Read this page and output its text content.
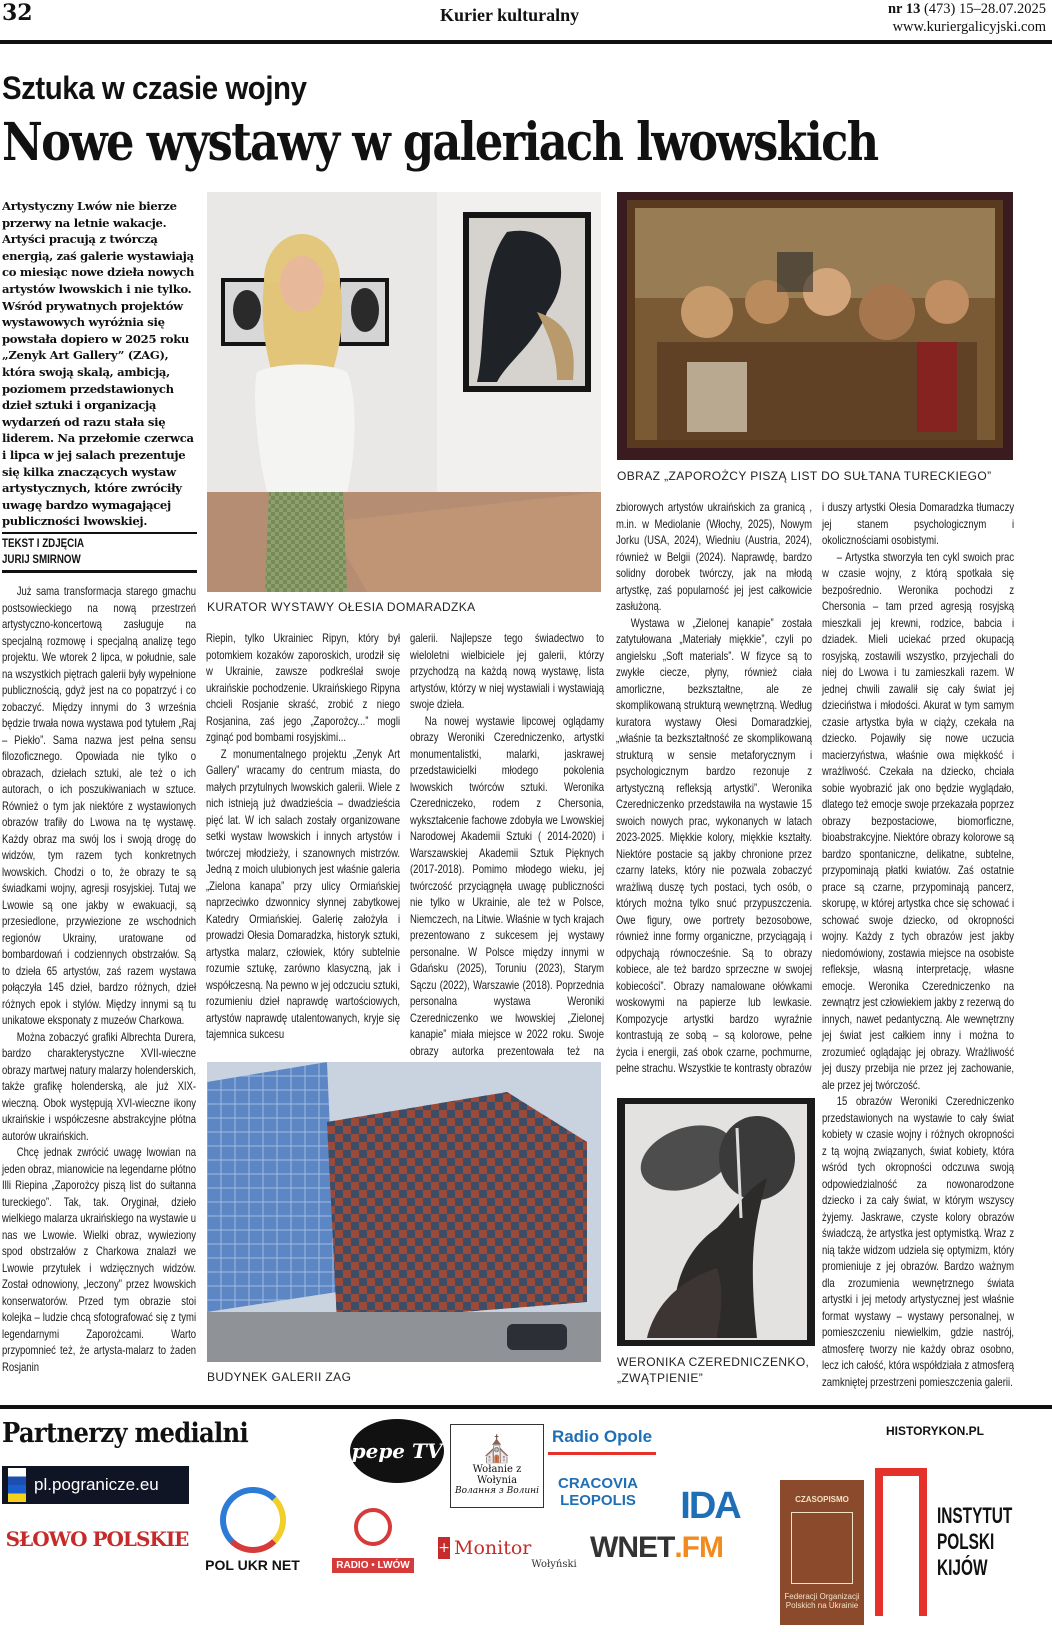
32	Kurier kulturalny	nr 13 (473) 15–28.07.2025
www.kuriergalicyjski.com
Sztuka w czasie wojny
Nowe wystawy w galeriach lwowskich
Artystyczny Lwów nie bierze przerwy na letnie wakacje. Artyści pracują z twórczą energią, zaś galerie wystawiają co miesiąc nowe dzieła nowych artystów lwowskich i nie tylko. Wśród prywatnych projektów wystawowych wyróżnia się powstała dopiero w 2025 roku „Zenyk Art Gallery” (ZAG), która swoją skalą, ambicją, poziomem przedstawionych dzieł sztuki i organizacją wydarzeń od razu stała się liderem. Na przełomie czerwca i lipca w jej salach prezentuje się kilka znaczących wystaw artystycznych, które zwróciły uwagę bardzo wymagającej publiczności lwowskiej.
TEKST I ZDJĘCIA
JURIJ SMIRNOW

Już sama transformacja starego gmachu postsowieckiego na nową przestrzeń artystyczno-koncertową zasługuje na specjalną rozmowę i specjalną analizę tego projektu. We wtorek 2 lipca, w południe, sale na wszystkich piętrach galerii były wypełnione publicznością, gdyż jest na co popatrzyć i co zobaczyć. Między innymi do 3 września będzie trwała nowa wystawa pod tytułem „Raj – Piekło”. Sama nazwa jest pełna sensu filozoficznego. Opowiada nie tylko o obrazach, dziełach sztuki, ale też o ich autorach, o ich poszukiwaniach w sztuce. Również o tym jak niektóre z wystawionych obrazów trafiły do Lwowa na tę wystawę. Każdy obraz ma swój los i swoją drogę do widzów, tym razem tych konkretnych lwowskich. Chodzi o to, że obrazy te są świadkami wojny, agresji rosyjskiej. Tutaj we Lwowie są one jakby w ewakuacji, są przesiedlone, przywiezione ze wschodnich regionów Ukrainy, uratowane od bombardowań i codziennych obstrzałów. Są to dzieła 65 artystów, zaś razem wystawa połączyła 145 dzieł, bardzo różnych, dzieł różnych epok i stylów. Między innymi są tu unikatowe eksponaty z muzeów Charkowa.

Można zobaczyć grafiki Albrechta Durera, bardzo charakterystyczne XVII-wieczne obrazy martwej natury malarzy holenderskich, także grafikę holenderską, ale już XIX-wieczną. Obok występują XVI-wieczne ikony ukraińskie i współczesne abstrakcyjne płótna autorów ukraińskich.

Chcę jednak zwrócić uwagę lwowian na jeden obraz, mianowicie na legendarne płótno Illi Riepina „Zaporożcy piszą list do sułtanna tureckiego”. Tak, tak. Oryginał, dzieło wielkiego malarza ukraińskiego na wystawie u nas we Lwowie. Wielki obraz, wywieziony spod obstrzałów z Charkowa znalazł we Lwowie przytułek i wdzięcznych widzów. Został odnowiony, „leczony” przez lwowskich konserwatorów. Przed tym obrazie stoi kolejka – ludzie chcą sfotografować się z tymi legendarnymi Zaporożcami. Warto przypomnieć też, że artysta-malarz to żaden Rosjanin

KURATOR WYSTAWY OŁESIA DOMARADZKA
OBRAZ „ZAPOROŻCY PISZĄ LIST DO SUŁTANA TURECKIEGO”

Riepin, tylko Ukrainiec Ripyn, który był potomkiem kozaków zaporoskich, urodził się w Ukrainie, zawsze podkreślał swoje ukraińskie pochodzenie. Ukraińskiego Ripyna chcieli Rosjanie skraść, zrobić z niego Rosjanina, zaś jego „Zaporożcy...” mogli zginąć pod bombami rosyjskimi...

Z monumentalnego projektu „Zenyk Art Gallery” wracamy do centrum miasta, do małych przytulnych lwowskich galerii. Wiele z nich istnieją już dwadzieścia – dwadzieścia pięć lat. W ich salach zostały organizowane setki wystaw lwowskich i innych artystów i twórczej młodzieży, i szanownych mistrzów. Jedną z moich ulubionych jest właśnie galeria „Zielona kanapa” przy ulicy Ormiańskiej naprzeciwko dzwonnicy słynnej zabytkowej Katedry Ormiańskiej. Galerię założyła i prowadzi Ołesia Domaradzka, historyk sztuki, artystka malarz, człowiek, który subtelnie rozumie sztukę, zarówno klasyczną, jak i współczesną. Na pewno w jej odczuciu sztuki, rozumieniu dzieł naprawdę wartościowych, artystów naprawdę utalentowanych, kryje się tajemnica sukcesu

galerii. Najlepsze tego świadectwo to wieloletni wielbiciele jej galerii, którzy przychodzą na każdą nową wystawę, lista artystów, którzy w niej wystawiali i wystawiają swoje dzieła.

Na nowej wystawie lipcowej oglądamy obrazy Weroniki Czeredniczenko, artystki monumentalistki, malarki, jaskrawej przedstawicielki młodego pokolenia lwowskich twórców sztuki. Weronika Czeredniczeko, rodem z Chersonia, wykształcenie fachowe zdobyła we Lwowskiej Narodowej Akademii Sztuki ( 2014-2020) i Warszawskiej Akademii Sztuk Pięknych (2017-2018). Pomimo młodego wieku, jej twórczość przyciągnęła uwagę publiczności nie tylko w Ukrainie, ale też w Polsce, Niemczech, na Litwie. Właśnie w tych krajach prezentowano z sukcesem jej wystawy personalne. W Polsce między innymi w Gdańsku (2025), Toruniu (2023), Starym Sączu (2022), Warszawie (2018). Poprzednia personalna wystawa Weroniki Czeredniczenko we lwowskiej „Zielonej kanapie” miała miejsce w 2022 roku. Swoje obrazy autorka prezentowała też na

BUDYNEK GALERII ZAG

zbiorowych artystów ukraińskich za granicą , m.in. w Mediolanie (Włochy, 2025), Nowym Jorku (USA, 2024), Wiedniu (Austria, 2024), również w Belgii (2024). Naprawdę, bardzo solidny dorobek twórczy, jak na młodą artystkę, zaś popularność jej jest całkowicie zasłużoną.

Wystawa w „Zielonej kanapie” została zatytułowana „Materiały miękkie”, czyli po angielsku „Soft materials”. W fizyce są to zwykłe ciecze, płyny, również ciała amorliczne, bezkształtne, ale ze skomplikowaną strukturą wewnętrzną. Według kuratora wystawy Ołesi Domaradzkiej, „właśnie ta bezkształtność ze skomplikowaną strukturą w sensie metaforycznym i psychologicznym bardzo rezonuje z artystyczną refleksją artystki”. Weronika Czeredniczenko przedstawiła na wystawie 15 swoich nowych prac, wykonanych w latach 2023-2025. Miękkie kolory, miękkie kształty. Niektóre postacie są jakby chronione przez czarny lateks, który nie pozwala zobaczyć wrażliwą duszę tych postaci, tych osób, o których można tylko snuć przypuszczenia. Owe figury, owe portrety bezosobowe, również inne formy organiczne, przyciągają i odpychają równocześnie. Są to obrazy kobiece, ale też bardzo sprzeczne w swojej kobiecości”. Obrazy namalowane ołówkami woskowymi na papierze lub lewkasie. Kompozycje artystki bardzo wyraźnie kontrastują ze sobą – są kolorowe, pełne życia i energii, zaś obok czarne, pochmurne, pełne strachu. Wszystkie te kontrasty obrazów

WERONIKA CZEREDNICZENKO,
„ZWĄTPIENIE”

i duszy artystki Ołesia Domaradzka tłumaczy jej stanem psychologicznym i okolicznościami osobistymi.

– Artystka stworzyła ten cykl swoich prac w czasie wojny, z którą spotkała się bezpośrednio. Weronika pochodzi z Chersonia – tam przed agresją rosyjską mieszkali jej krewni, rodzice, babcia i dziadek. Mieli uciekać przed okupacją rosyjską, zostawili wszystko, przyjechali do niej do Lwowa i tu zamieszkali razem. W jednej chwili zawalił się cały świat jej dzieciństwa i młodości. Akurat w tym samym czasie artystka była w ciąży, czekała na dziecko. Pojawiły się nowe uczucia macierzyństwa, właśnie owa miękkość i wrażliwość. Czekała na dziecko, chciała sobie wyobrazić jak ono będzie wyglądało, dlatego też emocje swoje przekazała poprzez obrazy bezpostaciowe, biomorficzne, bioabstrakcyjne. Niektóre obrazy kolorowe są bardzo spontaniczne, delikatne, subtelne, przypominają płatki kwiatów. Zaś ostatnie prace są czarne, przypominają pancerz, skorupę, w której artystka chce się schować i schować swoje dziecko, od okropności wojny. Każdy z tych obrazów jest jakby niedomówiony, zostawia miejsce na osobiste refleksje, własną interpretację, własne emocje. Weronika Czeredniczenko na zewnątrz jest człowiekiem jakby z rezerwą do innych, nawet pedantyczną. Ale wewnętrzny jej świat jest całkiem inny i można to zrozumieć oglądając jej obrazy. Wrażliwość jej duszy przebija nie przez jej zachowanie, ale przez jej twórczość.

15 obrazów Weroniki Czeredniczenko przedstawionych na wystawie to cały świat kobiety w czasie wojny i różnych okropności z tą wojną związanych, świat kobiety, która wśród tych okropności odczuwa swoją odpowiedzialność za nowonarodzone dziecko i za cały świat, w którym wszyscy żyjemy. Jaskrawe, czyste kolory obrazów świadczą, że artystka jest optymistką. Wraz z nią także widzom udziela się optymizm, który promieniuje z jej obrazów. Bardzo ważnym dla zrozumienia wewnętrznego świata artystki i jej metody artystycznej jest właśnie format wystawy – wystawy personalnej, w pomieszczeniu niewielkim, gdzie nastrój, atmosferę tworzy nie każdy obraz osobno, lecz ich całość, która współdziała z atmosferą zamkniętej przestrzeni pomieszczenia galerii.

Partnerzy medialni
pl.pogranicze.eu
SŁOWO POLSKIE
POL UKR NET
pepe TV
RADIO • LWÓW
⛪
Wołanie z Wołynia
Волання з Волині
+ Monitor
Wołyński
Radio Opole
CRACOVIA LEOPOLIS
WNET .FM
IDA	CZASOPISMO
Federacji Organizacji Polskich na Ukrainie
HISTORYKON.PL
INSTYTUT
POLSKI
KIJÓW
